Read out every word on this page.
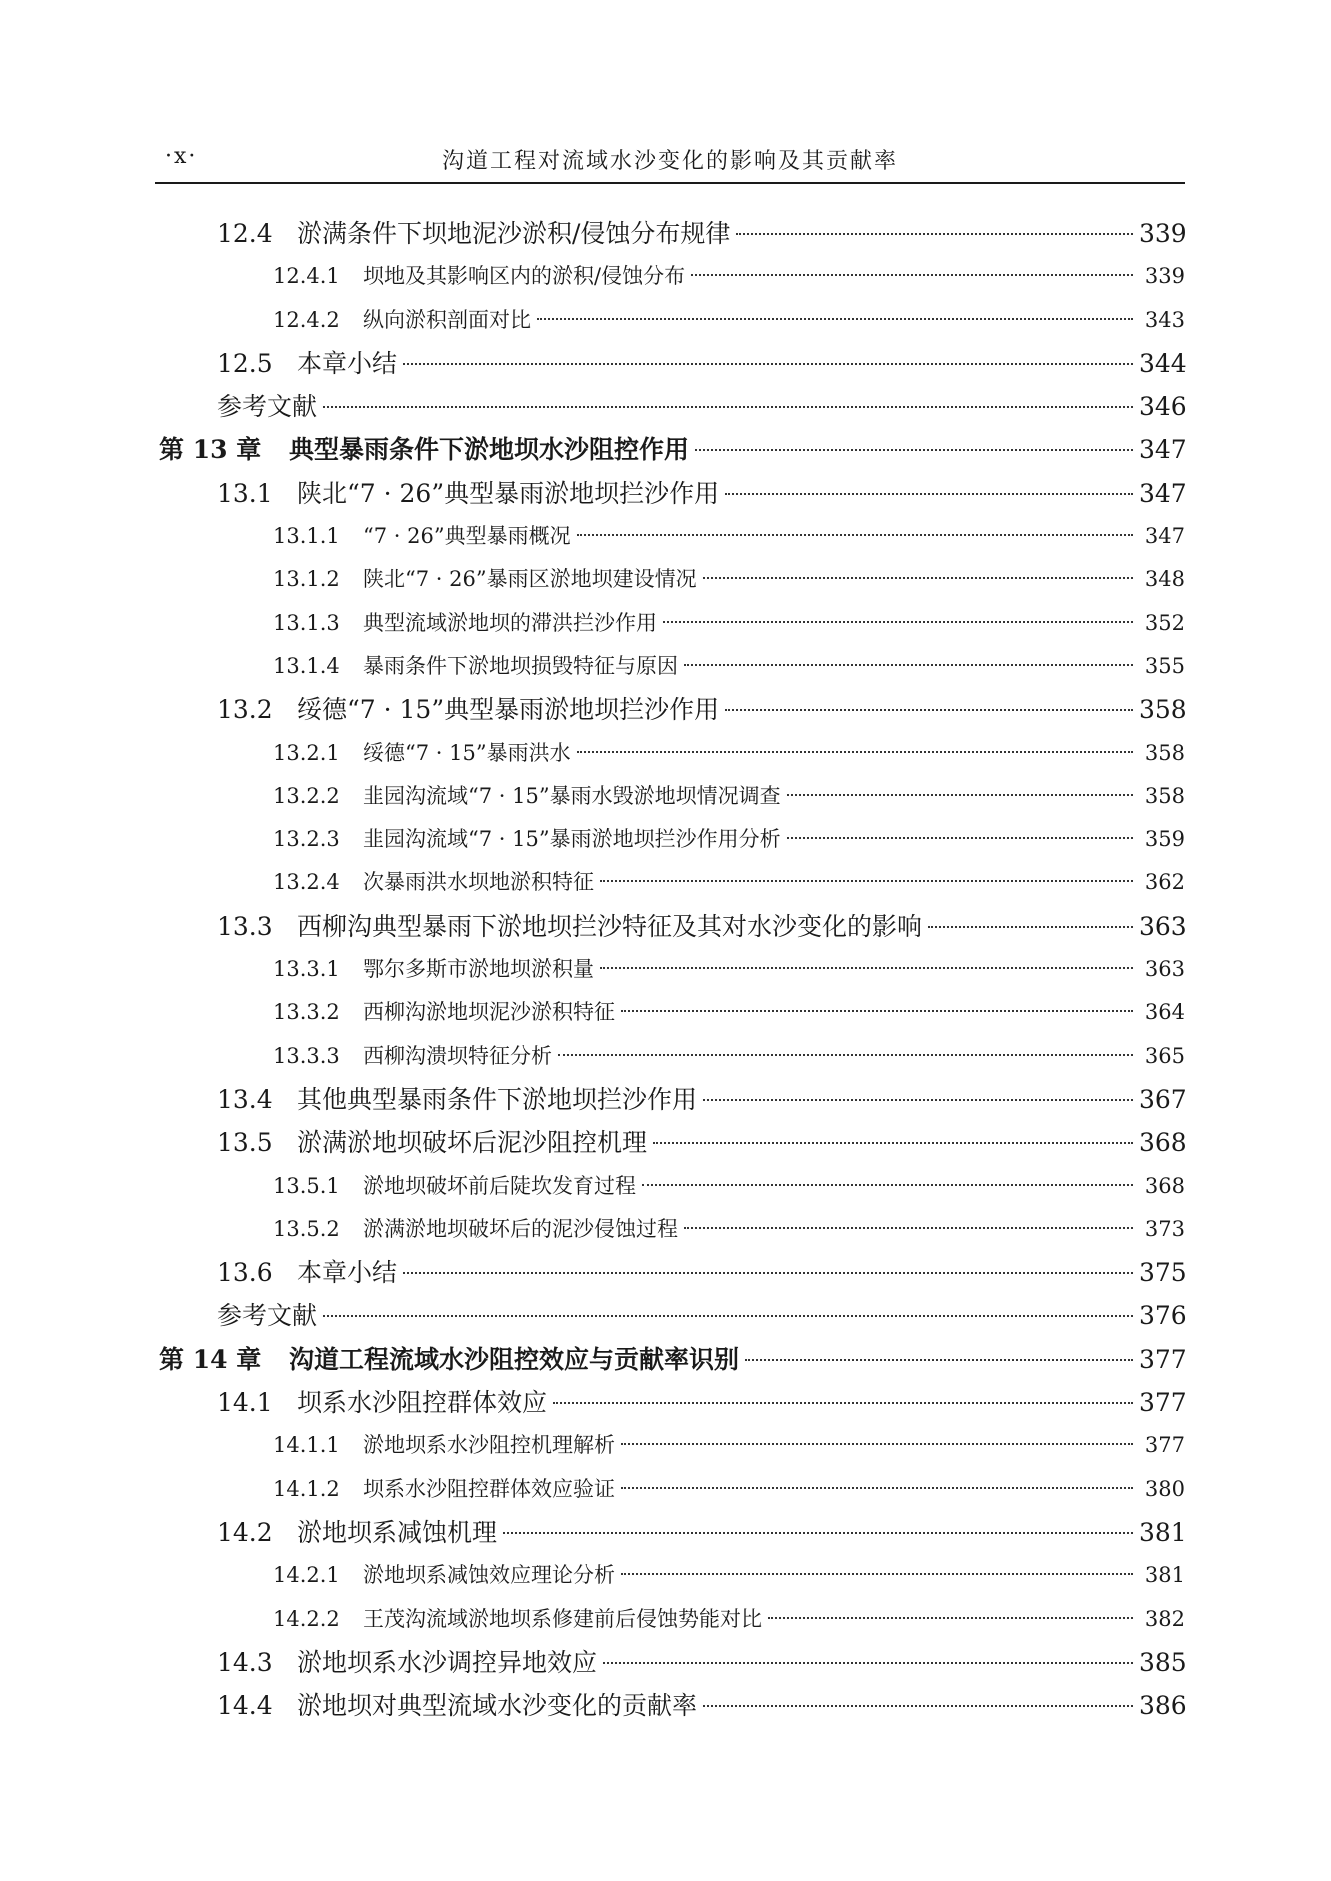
·x·	沟道工程对流域水沙变化的影响及其贡献率
12.4 淤满条件下坝地泥沙淤积/侵蚀分布规律	339
12.4.1	坝地及其影响区内的淤积/侵蚀分布	339
12.4.2	纵向淤积剖面对比	343
12.5 本章小结	344
参考文献	346
第 13 章	典型暴雨条件下淤地坝水沙阻控作用	347
13.1 陕北“7 · 26”典型暴雨淤地坝拦沙作用	347
13.1.1	“7 · 26”典型暴雨概况	347
13.1.2	陕北“7 · 26”暴雨区淤地坝建设情况	348
13.1.3	典型流域淤地坝的滞洪拦沙作用	352
13.1.4	暴雨条件下淤地坝损毁特征与原因	355
13.2 绥德“7 · 15”典型暴雨淤地坝拦沙作用	358
13.2.1	绥德“7 · 15”暴雨洪水	358
13.2.2	韭园沟流域“7 · 15”暴雨水毁淤地坝情况调查	358
13.2.3	韭园沟流域“7 · 15”暴雨淤地坝拦沙作用分析	359
13.2.4	次暴雨洪水坝地淤积特征	362
13.3 西柳沟典型暴雨下淤地坝拦沙特征及其对水沙变化的影响	363
13.3.1	鄂尔多斯市淤地坝淤积量	363
13.3.2	西柳沟淤地坝泥沙淤积特征	364
13.3.3	西柳沟溃坝特征分析	365
13.4 其他典型暴雨条件下淤地坝拦沙作用	367
13.5 淤满淤地坝破坏后泥沙阻控机理	368
13.5.1	淤地坝破坏前后陡坎发育过程	368
13.5.2	淤满淤地坝破坏后的泥沙侵蚀过程	373
13.6 本章小结	375
参考文献	376
第 14 章	沟道工程流域水沙阻控效应与贡献率识别	377
14.1 坝系水沙阻控群体效应	377
14.1.1	淤地坝系水沙阻控机理解析	377
14.1.2	坝系水沙阻控群体效应验证	380
14.2 淤地坝系减蚀机理	381
14.2.1	淤地坝系减蚀效应理论分析	381
14.2.2	王茂沟流域淤地坝系修建前后侵蚀势能对比	382
14.3 淤地坝系水沙调控异地效应	385
14.4 淤地坝对典型流域水沙变化的贡献率	386
